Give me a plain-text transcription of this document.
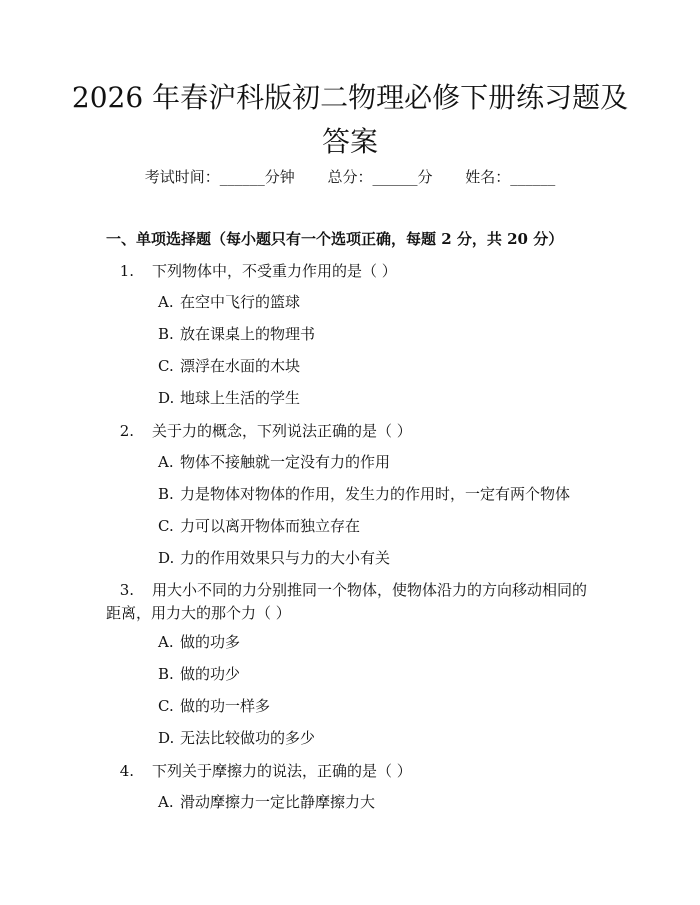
2026 年春沪科版初二物理必修下册练习题及
答案
考试时间：______分钟 总分：______分 姓名：______
一、单项选择题（每小题只有一个选项正确，每题 2 分，共 20 分）
1. 下列物体中，不受重力作用的是（ ）
A. 在空中飞行的篮球
B. 放在课桌上的物理书
C. 漂浮在水面的木块
D. 地球上生活的学生
2. 关于力的概念，下列说法正确的是（ ）
A. 物体不接触就一定没有力的作用
B. 力是物体对物体的作用，发生力的作用时，一定有两个物体
C. 力可以离开物体而独立存在
D. 力的作用效果只与力的大小有关
3. 用大小不同的力分别推同一个物体，使物体沿力的方向移动相同的距离，用力大的那个力（ ）
A. 做的功多
B. 做的功少
C. 做的功一样多
D. 无法比较做功的多少
4. 下列关于摩擦力的说法，正确的是（ ）
A. 滑动摩擦力一定比静摩擦力大
